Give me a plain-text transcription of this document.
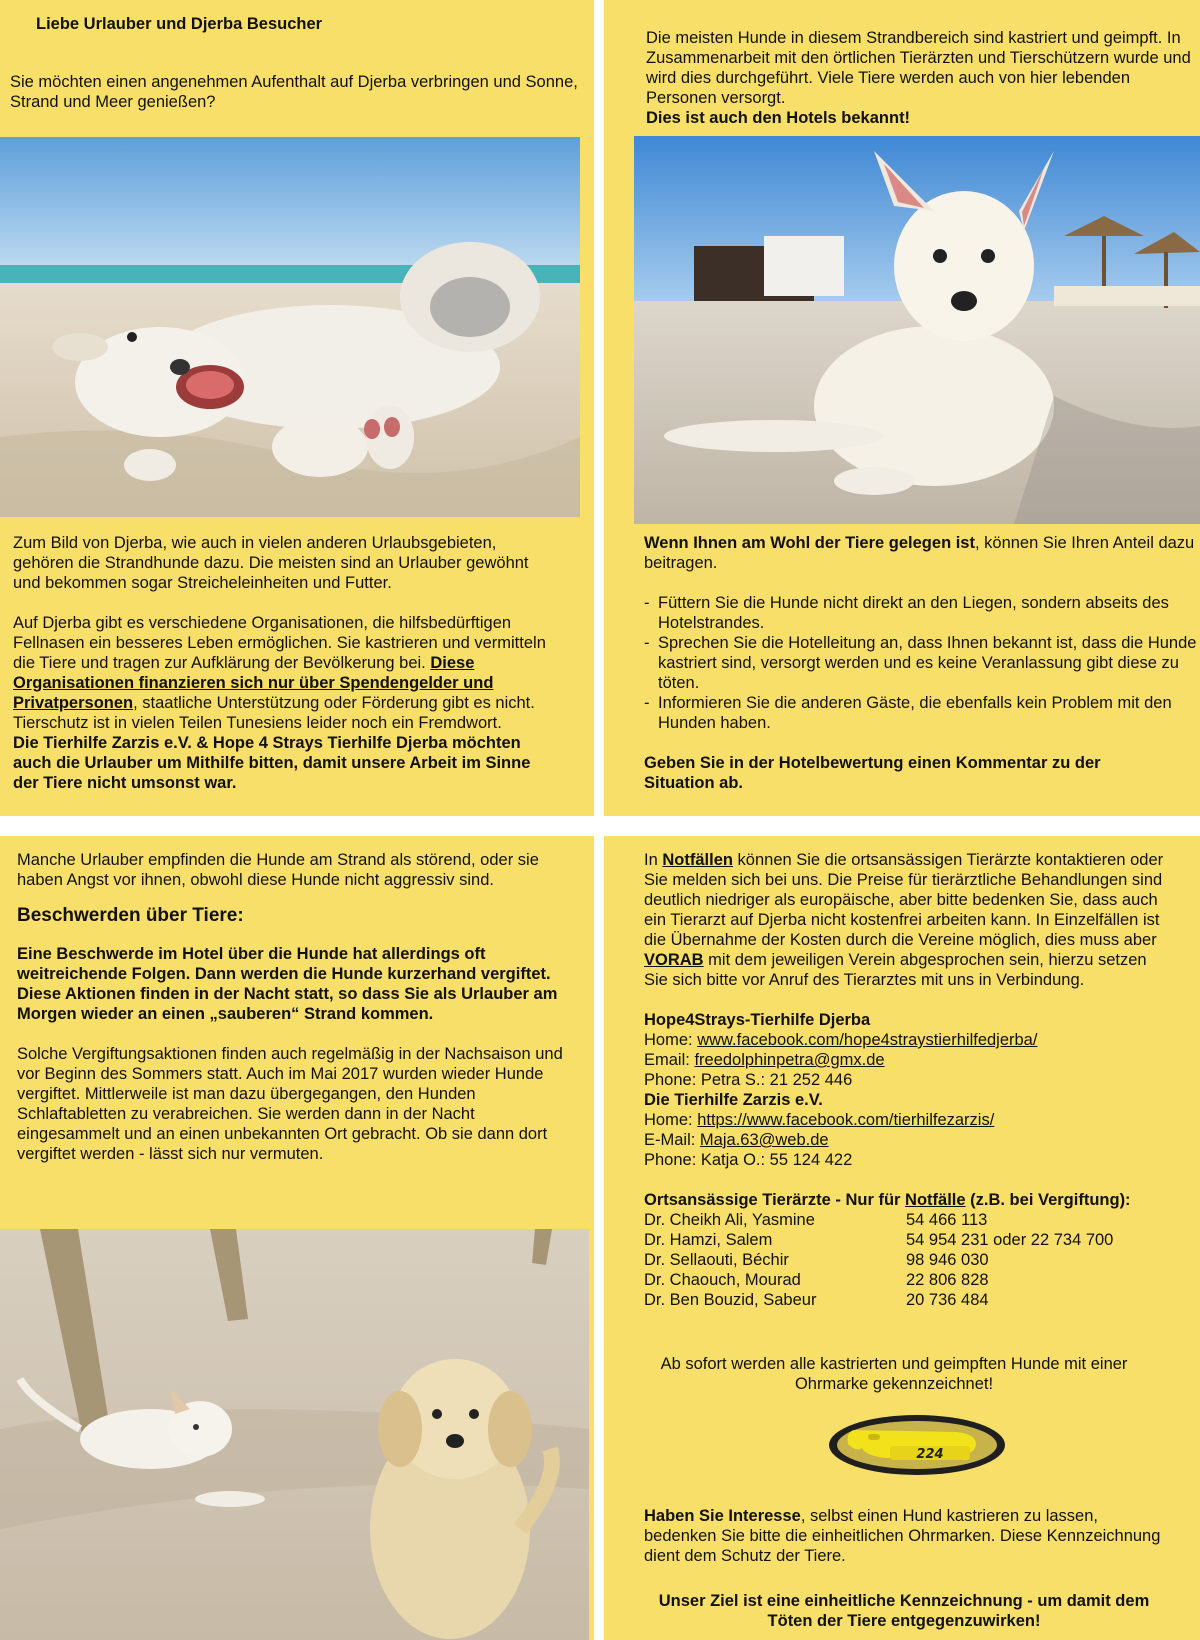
Liebe Urlauber und Djerba Besucher

Sie möchten einen angenehmen Aufenthalt auf Djerba verbringen und Sonne, Strand und Meer genießen?

Zum Bild von Djerba, wie auch in vielen anderen Urlaubsgebieten, gehören die Strandhunde dazu. Die meisten sind an Urlauber gewöhnt und bekommen sogar Streicheleinheiten und Futter.

Auf Djerba gibt es verschiedene Organisationen, die hilfsbedürftigen Fellnasen ein besseres Leben ermöglichen. Sie kastrieren und vermitteln die Tiere und tragen zur Aufklärung der Bevölkerung bei. Diese Organisationen finanzieren sich nur über Spendengelder und Privatpersonen, staatliche Unterstützung oder Förderung gibt es nicht. Tierschutz ist in vielen Teilen Tunesiens leider noch ein Fremdwort.

Die Tierhilfe Zarzis e.V. & Hope 4 Strays Tierhilfe Djerba möchten auch die Urlauber um Mithilfe bitten, damit unsere Arbeit im Sinne der Tiere nicht umsonst war.

Die meisten Hunde in diesem Strandbereich sind kastriert und geimpft. In Zusammenarbeit mit den örtlichen Tierärzten und Tierschützern wurde und wird dies durchgeführt. Viele Tiere werden auch von hier lebenden Personen versorgt.

Dies ist auch den Hotels bekannt!

Wenn Ihnen am Wohl der Tiere gelegen ist, können Sie Ihren Anteil dazu beitragen.

- Füttern Sie die Hunde nicht direkt an den Liegen, sondern abseits des Hotelstrandes.
- Sprechen Sie die Hotelleitung an, dass Ihnen bekannt ist, dass die Hunde kastriert sind, versorgt werden und es keine Veranlassung gibt diese zu töten.
- Informieren Sie die anderen Gäste, die ebenfalls kein Problem mit den Hunden haben.

Geben Sie in der Hotelbewertung einen Kommentar zu der Situation ab.

Manche Urlauber empfinden die Hunde am Strand als störend, oder sie haben Angst vor ihnen, obwohl diese Hunde nicht aggressiv sind.

Beschwerden über Tiere:

Eine Beschwerde im Hotel über die Hunde hat allerdings oft weitreichende Folgen. Dann werden die Hunde kurzerhand vergiftet. Diese Aktionen finden in der Nacht statt, so dass Sie als Urlauber am Morgen wieder an einen „sauberen“ Strand kommen.

Solche Vergiftungsaktionen finden auch regelmäßig in der Nachsaison und vor Beginn des Sommers statt. Auch im Mai 2017 wurden wieder Hunde vergiftet. Mittlerweile ist man dazu übergegangen, den Hunden Schlaftabletten zu verabreichen. Sie werden dann in der Nacht eingesammelt und an einen unbekannten Ort gebracht. Ob sie dann dort vergiftet werden - lässt sich nur vermuten.

In Notfällen können Sie die ortsansässigen Tierärzte kontaktieren oder Sie melden sich bei uns. Die Preise für tierärztliche Behandlungen sind deutlich niedriger als europäische, aber bitte bedenken Sie, dass auch ein Tierarzt auf Djerba nicht kostenfrei arbeiten kann. In Einzelfällen ist die Übernahme der Kosten durch die Vereine möglich, dies muss aber VORAB mit dem jeweiligen Verein abgesprochen sein, hierzu setzen Sie sich bitte vor Anruf des Tierarztes mit uns in Verbindung.

Hope4Strays-Tierhilfe Djerba

Home: www.facebook.com/hope4straystierhilfedjerba/

Email: freedolphinpetra@gmx.de

Phone: Petra S.: 21 252 446

Die Tierhilfe Zarzis e.V.

Home: https://www.facebook.com/tierhilfezarzis/

E-Mail: Maja.63@web.de

Phone: Katja O.: 55 124 422

Ortsansässige Tierärzte - Nur für Notfälle (z.B. bei Vergiftung):

Dr. Cheikh Ali, Yasmine	54 466 113
Dr. Hamzi, Salem	54 954 231 oder 22 734 700
Dr. Sellaouti, Béchir	98 946 030
Dr. Chaouch, Mourad	22 806 828
Dr. Ben Bouzid, Sabeur	20 736 484

Ab sofort werden alle kastrierten und geimpften Hunde mit einer Ohrmarke gekennzeichnet!

224

Haben Sie Interesse, selbst einen Hund kastrieren zu lassen, bedenken Sie bitte die einheitlichen Ohrmarken. Diese Kennzeichnung dient dem Schutz der Tiere.

Unser Ziel ist eine einheitliche Kennzeichnung - um damit dem Töten der Tiere entgegenzuwirken!
